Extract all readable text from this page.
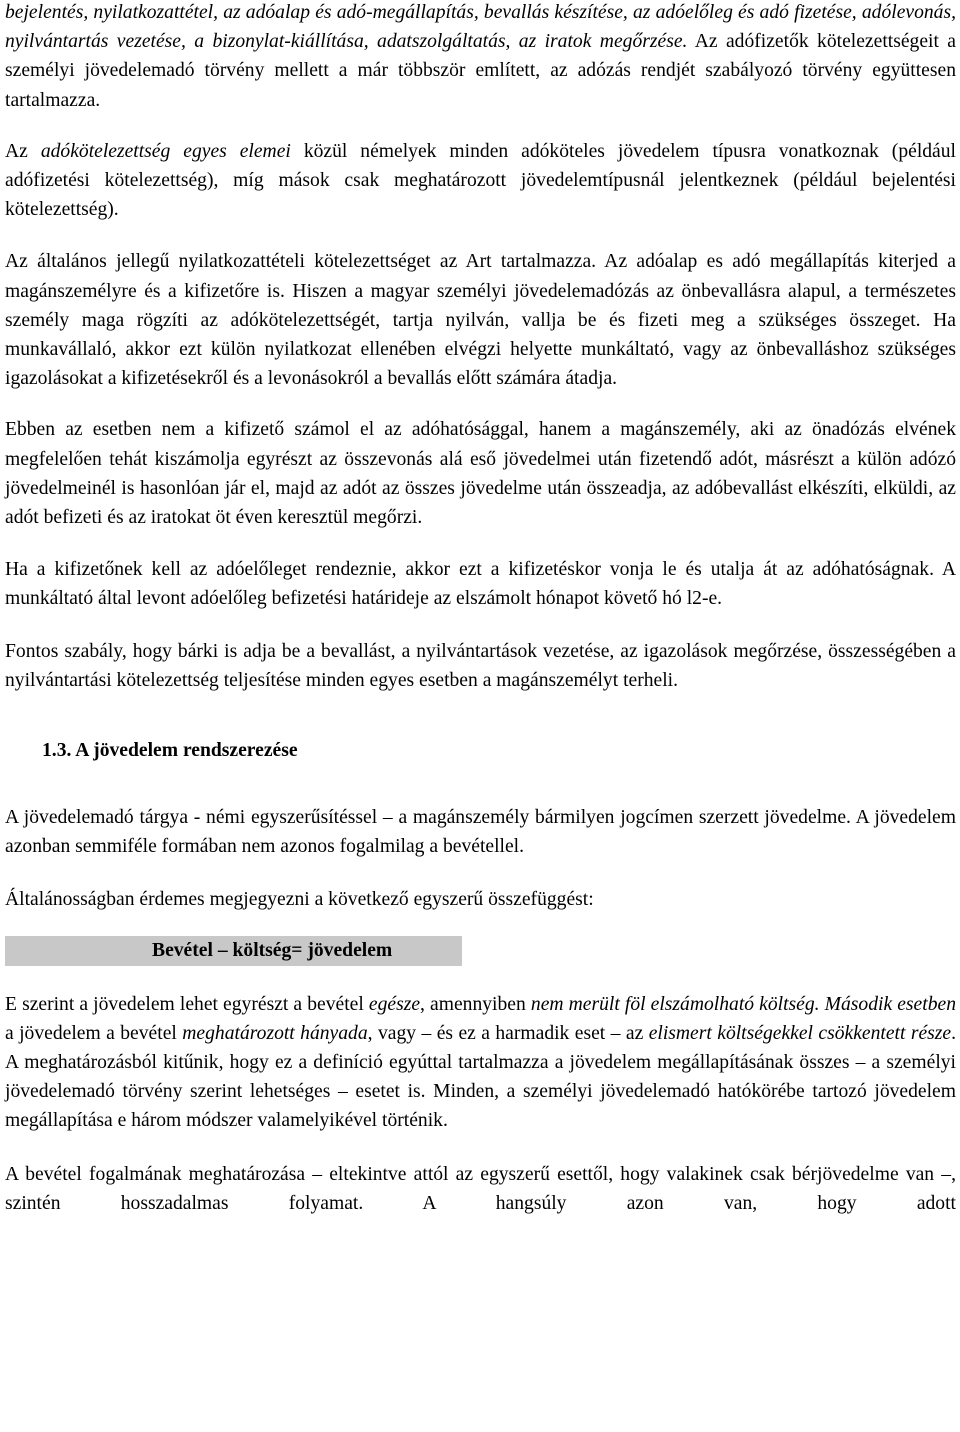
bejelentés, nyilatkozattétel, az adóalap és adó-megállapítás, bevallás készítése, az adóelőleg és adó fizetése, adólevonás, nyilvántartás vezetése, a bizonylat-kiállítása, adatszolgáltatás, az iratok megőrzése. Az adófizetők kötelezettségeit a személyi jövedelemadó törvény mellett a már többször említett, az adózás rendjét szabályozó törvény együttesen tartalmazza.

Az adókötelezettség egyes elemei közül némelyek minden adóköteles jövedelem típusra vonatkoznak (például adófizetési kötelezettség), míg mások csak meghatározott jövedelemtípusnál jelentkeznek (például bejelentési kötelezettség).

Az általános jellegű nyilatkozattételi kötelezettséget az Art tartalmazza. Az adóalap es adó megállapítás kiterjed a magánszemélyre és a kifizetőre is. Hiszen a magyar személyi jövedelemadózás az önbevallásra alapul, a természetes személy maga rögzíti az adókötelezettségét, tartja nyilván, vallja be és fizeti meg a szükséges összeget. Ha munkavállaló, akkor ezt külön nyilatkozat ellenében elvégzi helyette munkáltató, vagy az önbevalláshoz szükséges igazolásokat a kifizetésekről és a levonásokról a bevallás előtt számára átadja.

Ebben az esetben nem a kifizető számol el az adóhatósággal, hanem a magánszemély, aki az önadózás elvének megfelelően tehát kiszámolja egyrészt az összevonás alá eső jövedelmei után fizetendő adót, másrészt a külön adózó jövedelmeinél is hasonlóan jár el, majd az adót az összes jövedelme után összeadja, az adóbevallást elkészíti, elküldi, az adót befizeti és az iratokat öt éven keresztül megőrzi.

Ha a kifizetőnek kell az adóelőleget rendeznie, akkor ezt a kifizetéskor vonja le és utalja át az adóhatóságnak. A munkáltató által levont adóelőleg befizetési határideje az elszámolt hónapot követő hó l2-e.

Fontos szabály, hogy bárki is adja be a bevallást, a nyilvántartások vezetése, az igazolások megőrzése, összességében a nyilvántartási kötelezettség teljesítése minden egyes esetben a magánszemélyt terheli.

1.3. A jövedelem rendszerezése

A jövedelemadó tárgya - némi egyszerűsítéssel – a magánszemély bármilyen jogcímen szerzett jövedelme. A jövedelem azonban semmiféle formában nem azonos fogalmilag a bevétellel.

Általánosságban érdemes megjegyezni a következő egyszerű összefüggést:

Bevétel – költség= jövedelem

E szerint a jövedelem lehet egyrészt a bevétel egésze, amennyiben nem merült föl elszámolható költség. Második esetben a jövedelem a bevétel meghatározott hányada, vagy – és ez a harmadik eset – az elismert költségekkel csökkentett része. A meghatározásból kitűnik, hogy ez a definíció egyúttal tartalmazza a jövedelem megállapításának összes – a személyi jövedelemadó törvény szerint lehetséges – esetet is. Minden, a személyi jövedelemadó hatókörébe tartozó jövedelem megállapítása e három módszer valamelyikével történik.

A bevétel fogalmának meghatározása – eltekintve attól az egyszerű esettől, hogy valakinek csak bérjövedelme van –, szintén hosszadalmas folyamat. A hangsúly azon van, hogy adott
